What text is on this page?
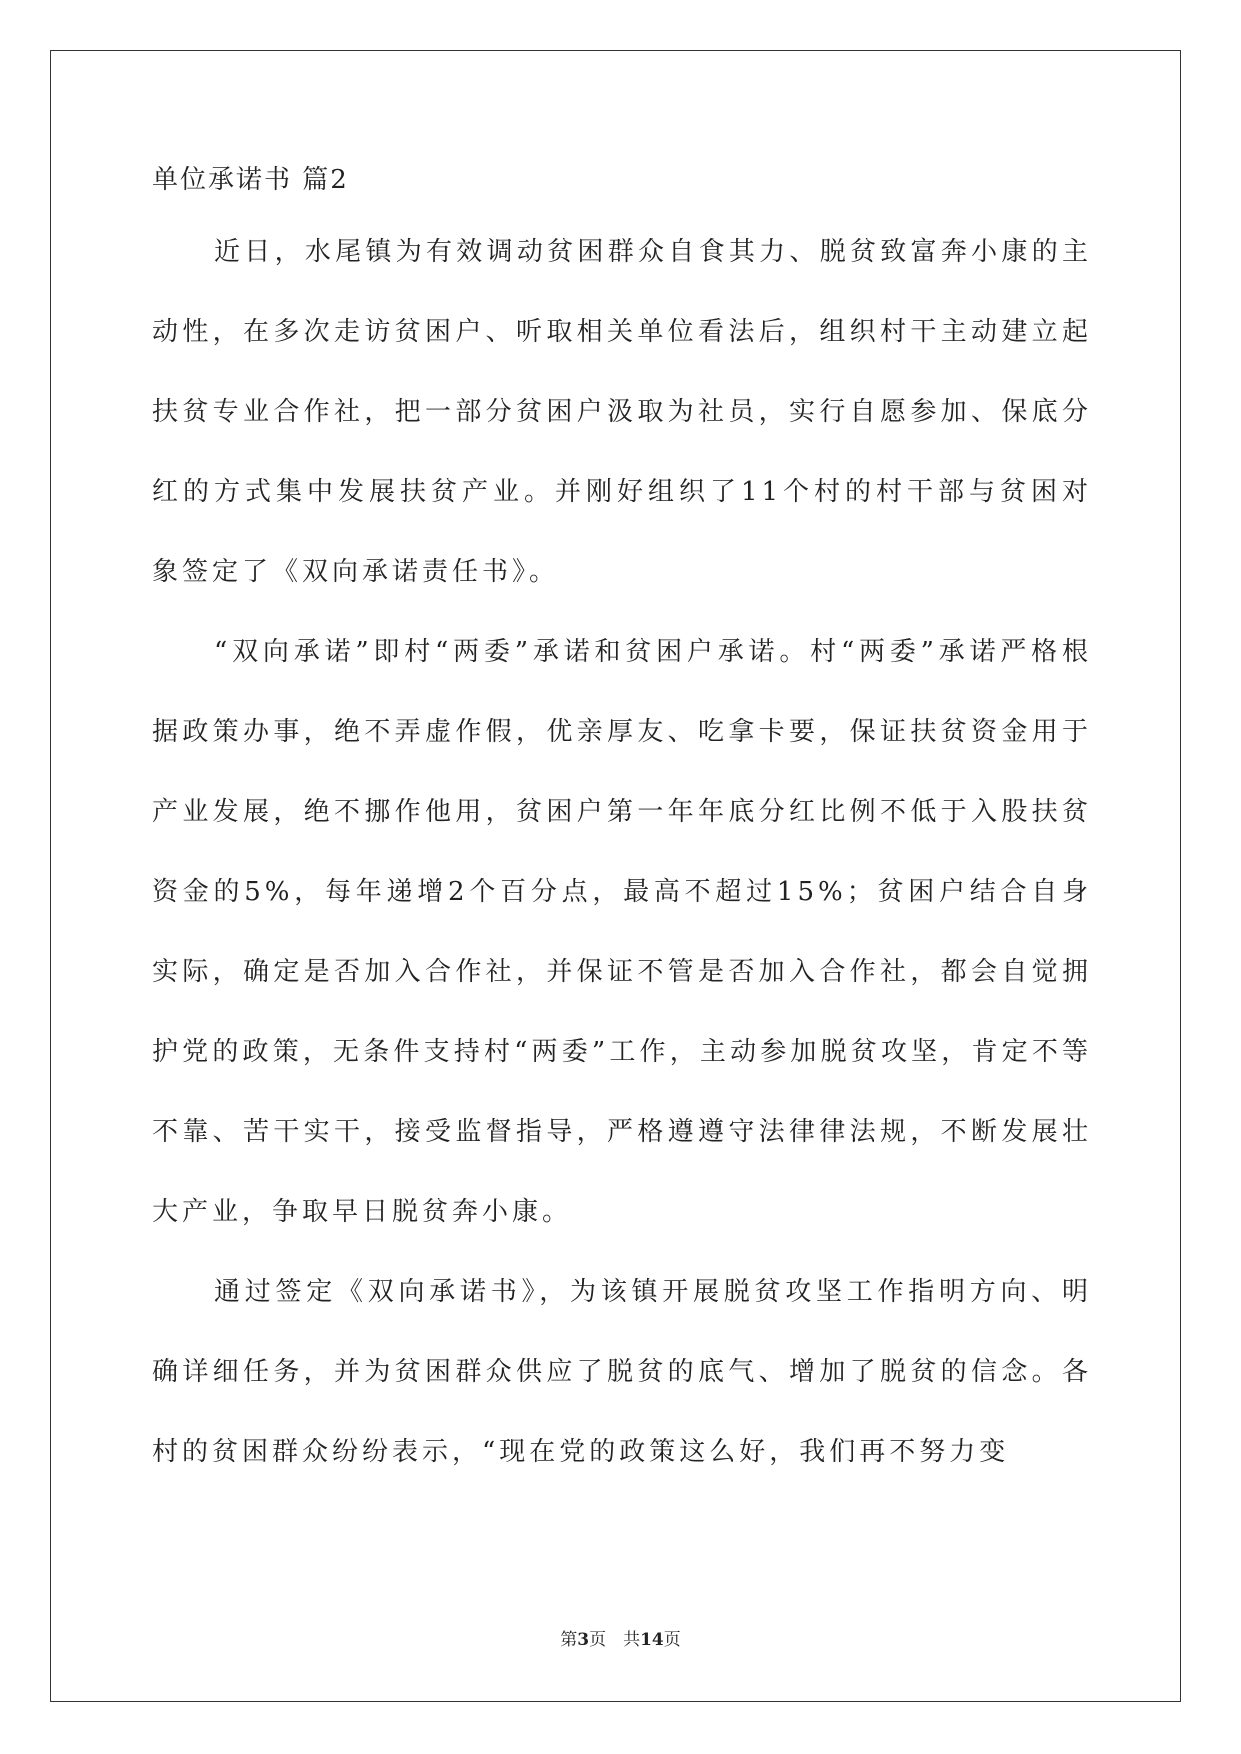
单位承诺书 篇2

近日，水尾镇为有效调动贫困群众自食其力、脱贫致富奔小康的主动性，在多次走访贫困户、听取相关单位看法后，组织村干主动建立起扶贫专业合作社，把一部分贫困户汲取为社员，实行自愿参加、保底分红的方式集中发展扶贫产业。并刚好组织了11个村的村干部与贫困对象签定了《双向承诺责任书》。

“双向承诺”即村“两委”承诺和贫困户承诺。村“两委”承诺严格根据政策办事，绝不弄虚作假，优亲厚友、吃拿卡要，保证扶贫资金用于产业发展，绝不挪作他用，贫困户第一年年底分红比例不低于入股扶贫资金的5%，每年递增2个百分点，最高不超过15%；贫困户结合自身实际，确定是否加入合作社，并保证不管是否加入合作社，都会自觉拥护党的政策，无条件支持村“两委”工作，主动参加脱贫攻坚，肯定不等不靠、苦干实干，接受监督指导，严格遵遵守法律律法规，不断发展壮大产业，争取早日脱贫奔小康。

通过签定《双向承诺书》，为该镇开展脱贫攻坚工作指明方向、明确详细任务，并为贫困群众供应了脱贫的底气、增加了脱贫的信念。各村的贫困群众纷纷表示，“现在党的政策这么好，我们再不努力变

第3页　共14页
